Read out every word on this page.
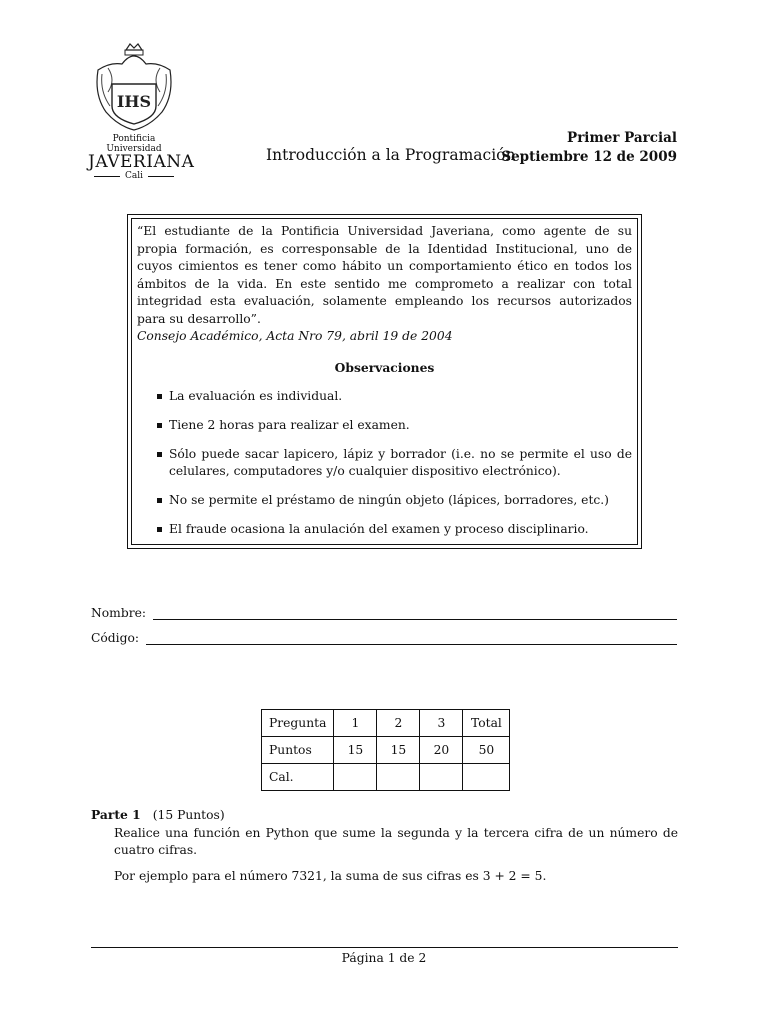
IHS
Pontificia Universidad
JAVERIANA
Cali
Primer Parcial
Septiembre 12 de 2009
Introducción a la Programación

“El estudiante de la Pontificia Universidad Javeriana, como agente de su propia formación, es corresponsable de la Identidad Institucional, uno de cuyos cimientos es tener como hábito un comportamiento ético en todos los ámbitos de la vida. En este sentido me comprometo a realizar con total integridad esta evaluación, solamente empleando los recursos autorizados para su desarrollo”.

Consejo Académico, Acta Nro 79, abril 19 de 2004

Observaciones
La evaluación es individual.
Tiene 2 horas para realizar el examen.
Sólo puede sacar lapicero, lápiz y borrador (i.e. no se permite el uso de celulares, computadores y/o cualquier dispositivo electrónico).
No se permite el préstamo de ningún objeto (lápices, borradores, etc.)
El fraude ocasiona la anulación del examen y proceso disciplinario.
Nombre:
Código:
Pregunta	1	2	3	Total
Puntos	15	15	20	50
Cal.				
Parte 1 (15 Puntos)

Realice una función en Python que sume la segunda y la tercera cifra de un número de cuatro cifras.

Por ejemplo para el número 7321, la suma de sus cifras es 3 + 2 = 5.

Página 1 de 2
